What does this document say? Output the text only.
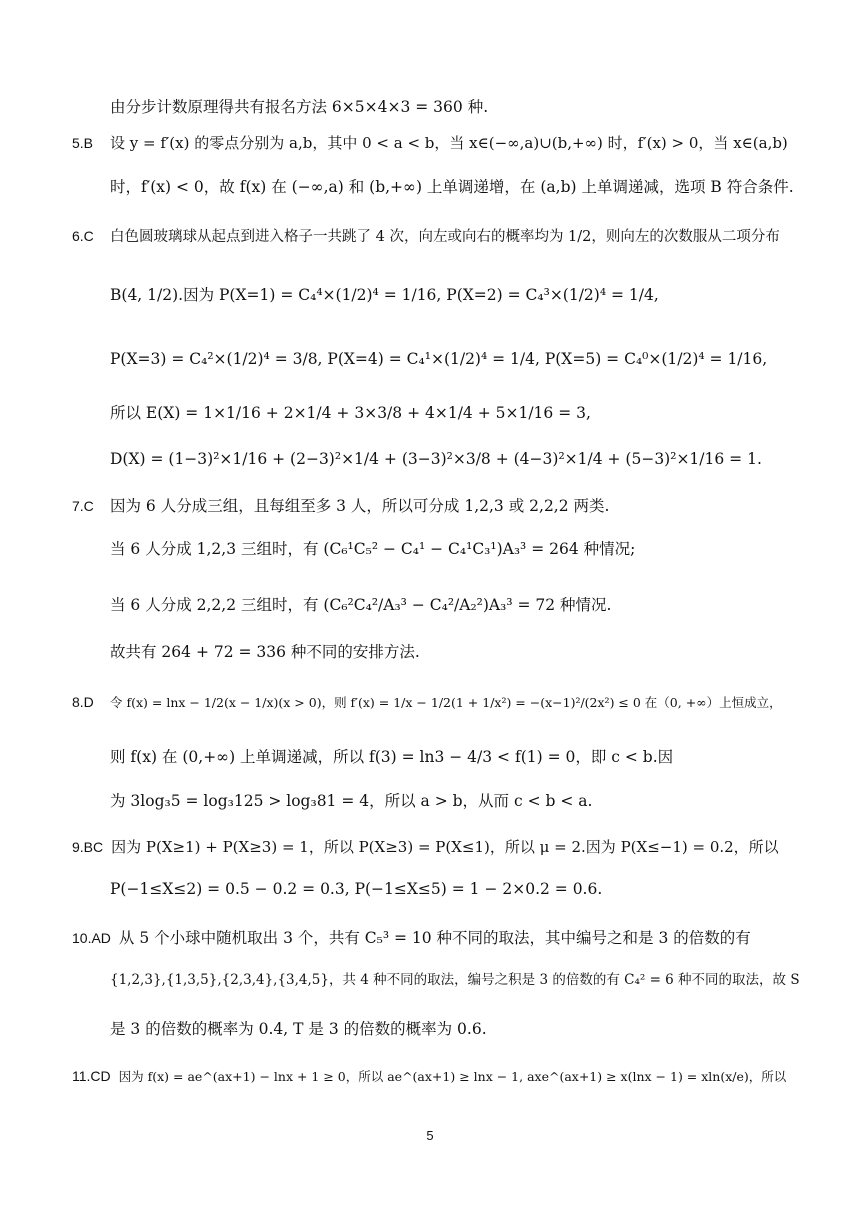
由分步计数原理得共有报名方法 6×5×4×3 = 360 种.
5.B 设 y = f′(x) 的零点分别为 a,b，其中 0 < a < b，当 x∈(−∞,a)∪(b,+∞) 时，f′(x) > 0，当 x∈(a,b)
时，f′(x) < 0，故 f(x) 在 (−∞,a) 和 (b,+∞) 上单调递增，在 (a,b) 上单调递减，选项 B 符合条件.
6.C 白色圆玻璃球从起点到进入格子一共跳了 4 次，向左或向右的概率均为 1/2，则向左的次数服从二项分布
B(4, 1/2).因为 P(X=1) = C₄⁴×(1/2)⁴ = 1/16, P(X=2) = C₄³×(1/2)⁴ = 1/4,
P(X=3) = C₄²×(1/2)⁴ = 3/8, P(X=4) = C₄¹×(1/2)⁴ = 1/4, P(X=5) = C₄⁰×(1/2)⁴ = 1/16,
所以 E(X) = 1×1/16 + 2×1/4 + 3×3/8 + 4×1/4 + 5×1/16 = 3,
D(X) = (1−3)²×1/16 + (2−3)²×1/4 + (3−3)²×3/8 + (4−3)²×1/4 + (5−3)²×1/16 = 1.
7.C 因为 6 人分成三组，且每组至多 3 人，所以可分成 1,2,3 或 2,2,2 两类.
当 6 人分成 1,2,3 三组时，有 (C₆¹C₅² − C₄¹ − C₄¹C₃¹)A₃³ = 264 种情况;
当 6 人分成 2,2,2 三组时，有 (C₆²C₄²/A₃³ − C₄²/A₂²)A₃³ = 72 种情况.
故共有 264 + 72 = 336 种不同的安排方法.
8.D 令 f(x) = lnx − 1/2(x − 1/x)(x > 0)，则 f′(x) = 1/x − 1/2(1 + 1/x²) = −(x−1)²/(2x²) ≤ 0 在（0, +∞）上恒成立，
则 f(x) 在 (0,+∞) 上单调递减，所以 f(3) = ln3 − 4/3 < f(1) = 0，即 c < b.因
为 3log₃5 = log₃125 > log₃81 = 4，所以 a > b，从而 c < b < a.
9.BC 因为 P(X≥1) + P(X≥3) = 1，所以 P(X≥3) = P(X≤1)，所以 μ = 2.因为 P(X≤−1) = 0.2，所以
P(−1≤X≤2) = 0.5 − 0.2 = 0.3, P(−1≤X≤5) = 1 − 2×0.2 = 0.6.
10.AD 从 5 个小球中随机取出 3 个，共有 C₅³ = 10 种不同的取法，其中编号之和是 3 的倍数的有
{1,2,3},{1,3,5},{2,3,4},{3,4,5}，共 4 种不同的取法，编号之积是 3 的倍数的有 C₄² = 6 种不同的取法，故 S
是 3 的倍数的概率为 0.4, T 是 3 的倍数的概率为 0.6.
11.CD 因为 f(x) = ae^(ax+1) − lnx + 1 ≥ 0，所以 ae^(ax+1) ≥ lnx − 1, axe^(ax+1) ≥ x(lnx − 1) = xln(x/e)，所以
5
